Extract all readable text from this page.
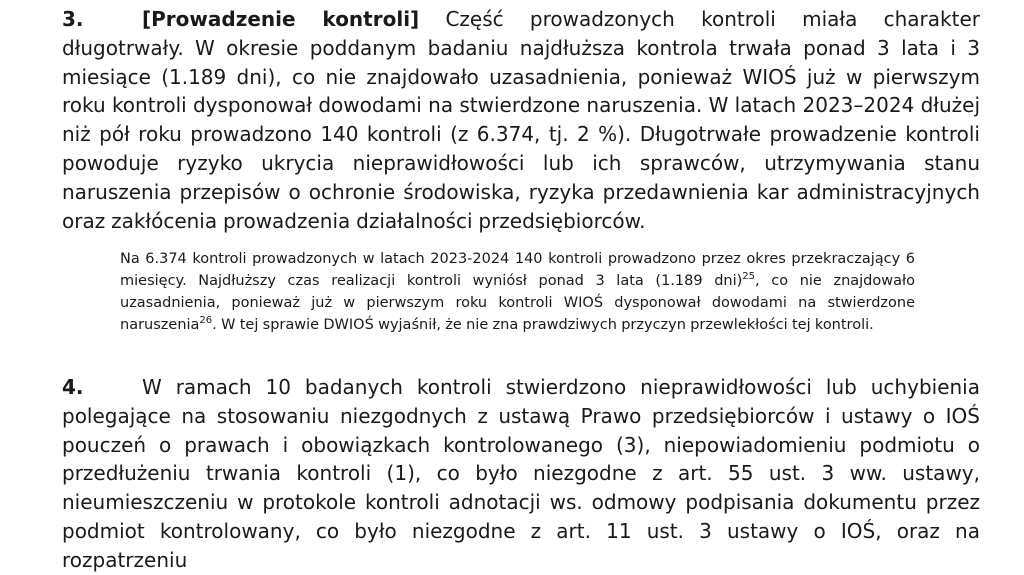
3.	[Prowadzenie kontroli] Część prowadzonych kontroli miała charakter długotrwały. W okresie poddanym badaniu najdłuższa kontrola trwała ponad 3 lata i 3 miesiące (1.189 dni), co nie znajdowało uzasadnienia, ponieważ WIOŚ już w pierwszym roku kontroli dysponował dowodami na stwierdzone naruszenia. W latach 2023–2024 dłużej niż pół roku prowadzono 140 kontroli (z 6.374, tj. 2 %). Długotrwałe prowadzenie kontroli powoduje ryzyko ukrycia nieprawidłowości lub ich sprawców, utrzymywania stanu naruszenia przepisów o ochronie środowiska, ryzyka przedawnienia kar administracyjnych oraz zakłócenia prowadzenia działalności przedsiębiorców.
Na 6.374 kontroli prowadzonych w latach 2023-2024 140 kontroli prowadzono przez okres przekraczający 6 miesięcy. Najdłuższy czas realizacji kontroli wyniósł ponad 3 lata (1.189 dni)$^{25}$, co nie znajdowało uzasadnienia, ponieważ już w pierwszym roku kontroli WIOŚ dysponował dowodami na stwierdzone naruszenia$^{26}$. W tej sprawie DWIOŚ wyjaśnił, że nie zna prawdziwych przyczyn przewlekłości tej kontroli.
4.	W ramach 10 badanych kontroli stwierdzono nieprawidłowości lub uchybienia polegające na stosowaniu niezgodnych z ustawą Prawo przedsiębiorców i ustawy o IOŚ pouczeń o prawach i obowiązkach kontrolowanego (3), niepowiadomieniu podmiotu o przedłużeniu trwania kontroli (1), co było niezgodne z art. 55 ust. 3 ww. ustawy, nieumieszczeniu w protokole kontroli adnotacji ws. odmowy podpisania dokumentu przez podmiot kontrolowany, co było niezgodne z art. 11 ust. 3 ustawy o IOŚ, oraz na rozpatrzeniu
